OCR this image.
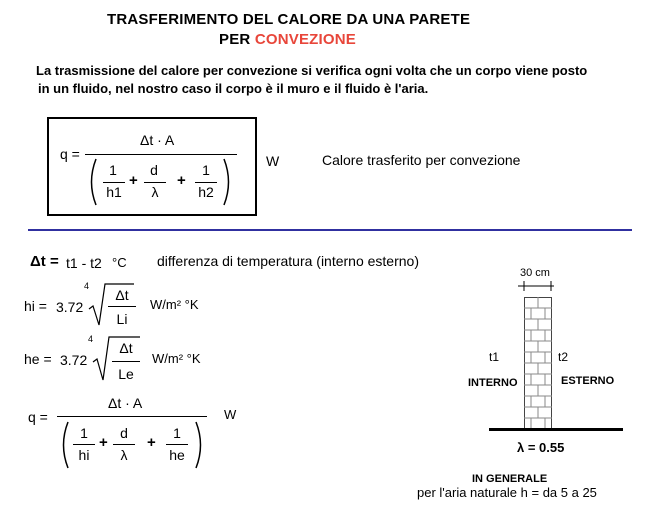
TRASFERIMENTO DEL CALORE DA UNA PARETE
PER CONVEZIONE
La trasmissione del calore per convezione si verifica ogni volta che un corpo viene posto
in un fluido, nel nostro caso il corpo è il muro e il fluido è l'aria.
q =
Δt · A
1
h1
+
d
λ
+
1
h2
W	Calore trasferito per convezione
Δt = t1 - t2 °C differenza di temperatura (interno esterno)
hi = 3.72
4
Δt
Li
W/m² °K
he = 3.72
4
Δt
Le
W/m² °K
q =
Δt · A
1
hi
+
d
λ
+
1
he
W
30 cm
t1	t2
INTERNO	ESTERNO
λ = 0.55
IN GENERALE
per l'aria naturale h = da 5 a 25
